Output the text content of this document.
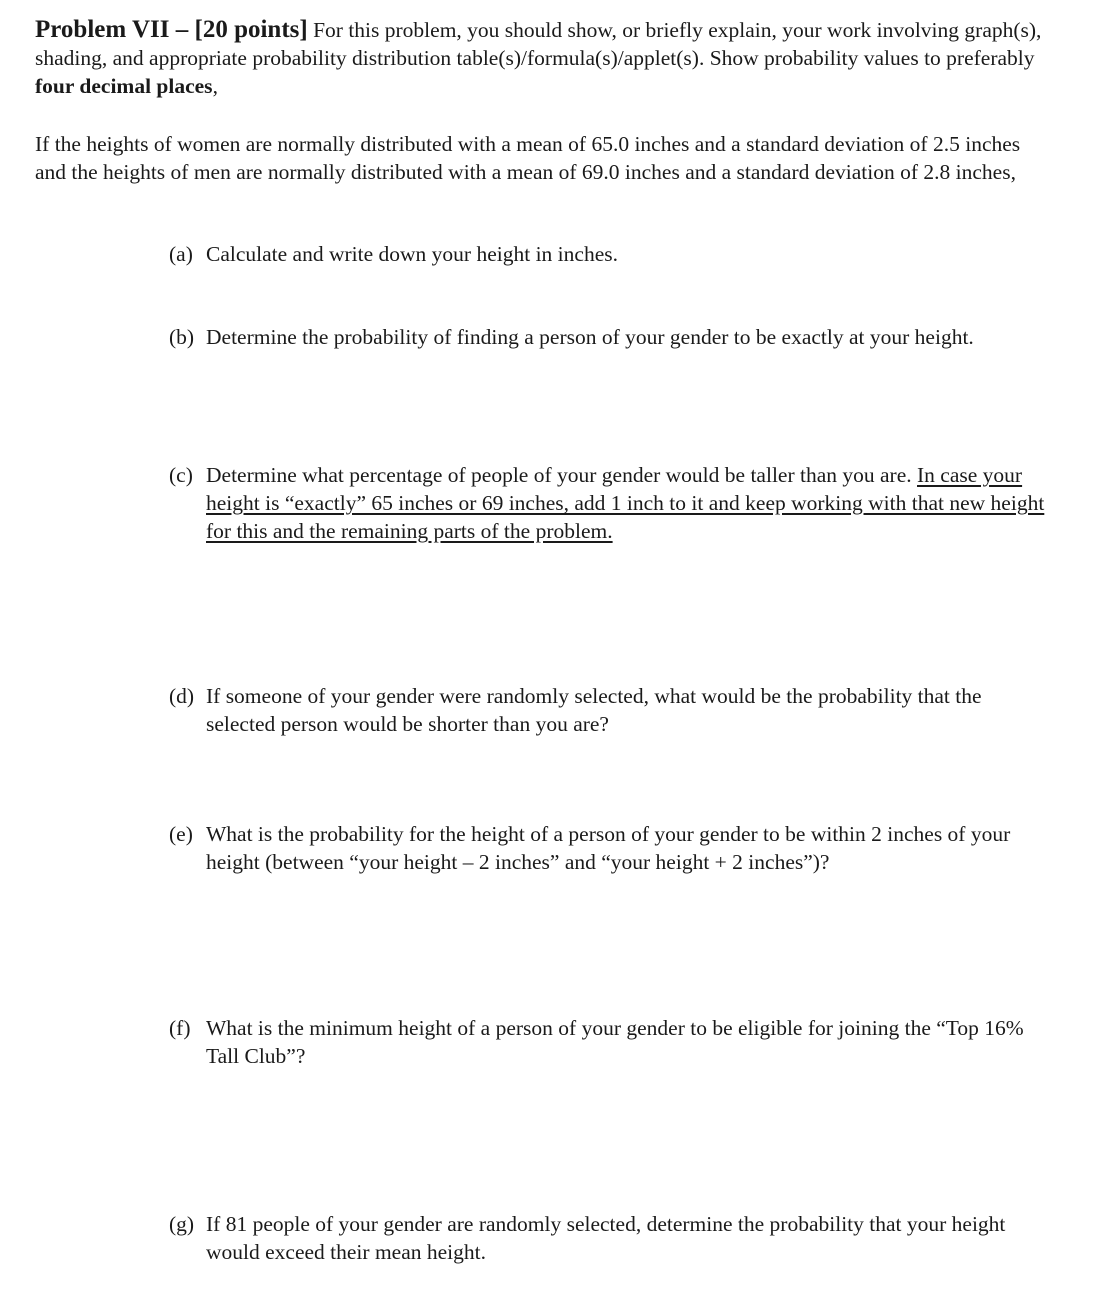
Problem VII – [20 points] For this problem, you should show, or briefly explain, your work involving graph(s), shading, and appropriate probability distribution table(s)/formula(s)/applet(s). Show probability values to preferably four decimal places,
If the heights of women are normally distributed with a mean of 65.0 inches and a standard deviation of 2.5 inches and the heights of men are normally distributed with a mean of 69.0 inches and a standard deviation of 2.8 inches,
(a) Calculate and write down your height in inches.
(b) Determine the probability of finding a person of your gender to be exactly at your height.
(c) Determine what percentage of people of your gender would be taller than you are. In case your height is “exactly” 65 inches or 69 inches, add 1 inch to it and keep working with that new height for this and the remaining parts of the problem.
(d) If someone of your gender were randomly selected, what would be the probability that the selected person would be shorter than you are?
(e) What is the probability for the height of a person of your gender to be within 2 inches of your height (between “your height – 2 inches” and “your height + 2 inches”)?
(f) What is the minimum height of a person of your gender to be eligible for joining the “Top 16% Tall Club”?
(g) If 81 people of your gender are randomly selected, determine the probability that your height would exceed their mean height.
